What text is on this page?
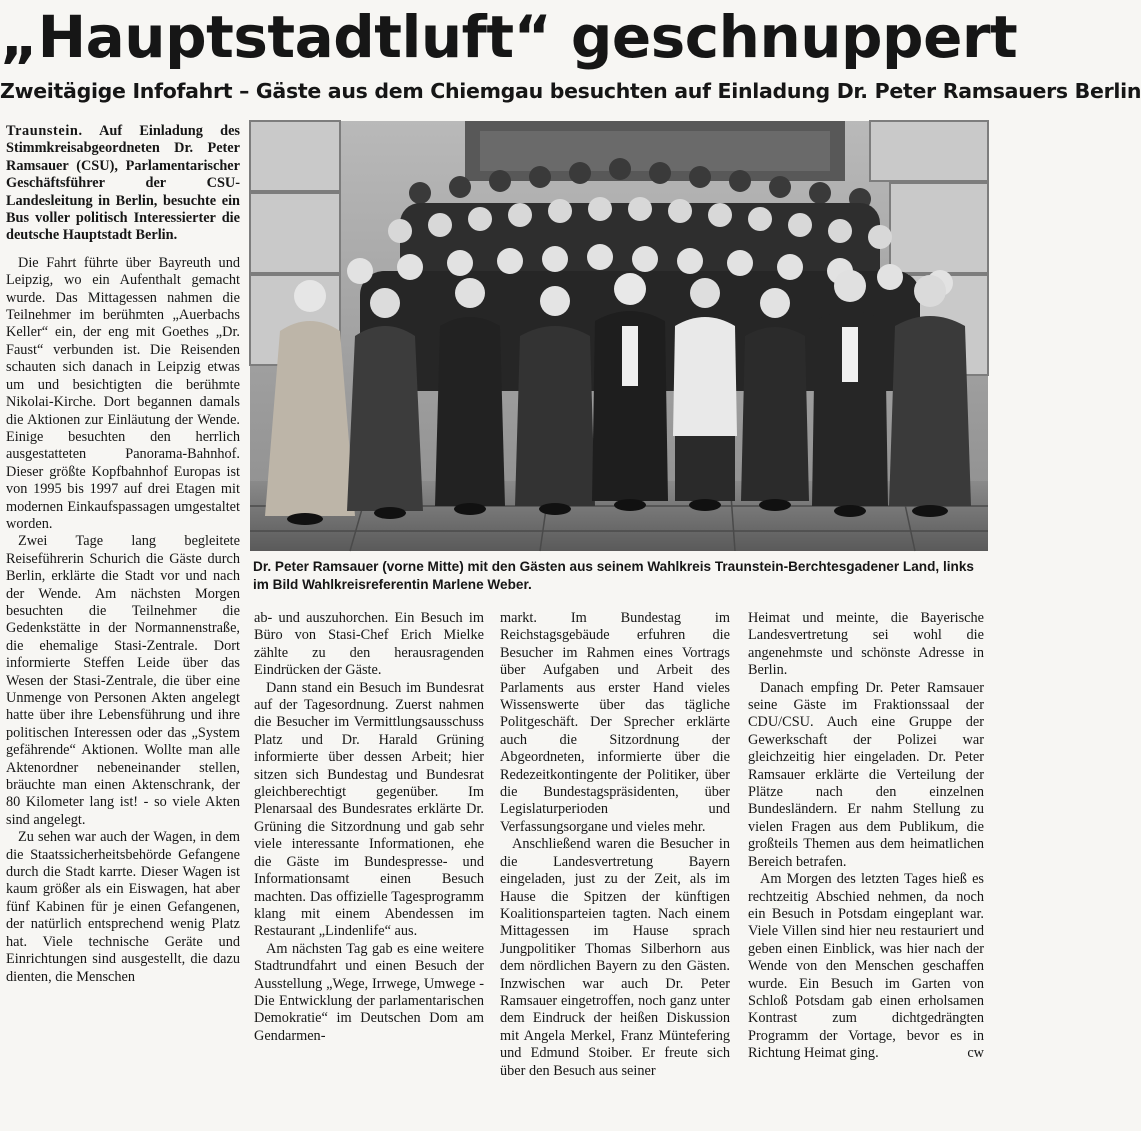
„Hauptstadtluft“ geschnuppert
Zweitägige Infofahrt – Gäste aus dem Chiemgau besuchten auf Einladung Dr. Peter Ramsauers Berlin

Traunstein. Auf Einladung des Stimmkreisabgeordneten Dr. Peter Ramsauer (CSU), Parlamentarischer Geschäftsführer der CSU-Landesleitung in Berlin, besuchte ein Bus voller politisch Interessierter die deutsche Hauptstadt Berlin.

Die Fahrt führte über Bayreuth und Leipzig, wo ein Aufenthalt gemacht wurde. Das Mittagessen nahmen die Teilnehmer im berühmten „Auerbachs Keller“ ein, der eng mit Goethes „Dr. Faust“ verbunden ist. Die Reisenden schauten sich danach in Leipzig etwas um und besichtigten die berühmte Nikolai-Kirche. Dort begannen damals die Aktionen zur Einläutung der Wende. Einige besuchten den herrlich ausgestatteten Panorama-Bahnhof. Dieser größte Kopfbahnhof Europas ist von 1995 bis 1997 auf drei Etagen mit modernen Einkaufspassagen umgestaltet worden.

Zwei Tage lang begleitete Reiseführerin Schurich die Gäste durch Berlin, erklärte die Stadt vor und nach der Wende. Am nächsten Morgen besuchten die Teilnehmer die Gedenkstätte in der Normannenstraße, die ehemalige Stasi-Zentrale. Dort informierte Steffen Leide über das Wesen der Stasi-Zentrale, die über eine Unmenge von Personen Akten angelegt hatte über ihre Lebensführung und ihre politischen Interessen oder das „System gefährende“ Aktionen. Wollte man alle Aktenordner nebeneinander stellen, bräuchte man einen Aktenschrank, der 80 Kilometer lang ist! - so viele Akten sind angelegt.

Zu sehen war auch der Wagen, in dem die Staatssicherheitsbehörde Gefangene durch die Stadt karrte. Dieser Wagen ist kaum größer als ein Eiswagen, hat aber fünf Kabinen für je einen Gefangenen, der natürlich entsprechend wenig Platz hat. Viele technische Geräte und Einrichtungen sind ausgestellt, die dazu dienten, die Menschen

Dr. Peter Ramsauer (vorne Mitte) mit den Gästen aus seinem Wahlkreis Traunstein-Berchtesgadener Land, links im Bild Wahlkreisreferentin Marlene Weber.

ab- und auszuhorchen. Ein Besuch im Büro von Stasi-Chef Erich Mielke zählte zu den herausragenden Eindrücken der Gäste.

Dann stand ein Besuch im Bundesrat auf der Tagesordnung. Zuerst nahmen die Besucher im Vermittlungsausschuss Platz und Dr. Harald Grüning informierte über dessen Arbeit; hier sitzen sich Bundestag und Bundesrat gleichberechtigt gegenüber. Im Plenarsaal des Bundesrates erklärte Dr. Grüning die Sitzordnung und gab sehr viele interessante Informationen, ehe die Gäste im Bundespresse- und Informationsamt einen Besuch machten. Das offizielle Tagesprogramm klang mit einem Abendessen im Restaurant „Lindenlife“ aus.

Am nächsten Tag gab es eine weitere Stadtrundfahrt und einen Besuch der Ausstellung „Wege, Irrwege, Umwege - Die Entwicklung der parlamentarischen Demokratie“ im Deutschen Dom am Gendarmen-

markt. Im Bundestag im Reichstagsgebäude erfuhren die Besucher im Rahmen eines Vortrags über Aufgaben und Arbeit des Parlaments aus erster Hand vieles Wissenswerte über das tägliche Politgeschäft. Der Sprecher erklärte auch die Sitzordnung der Abgeordneten, informierte über die Redezeitkontingente der Politiker, über die Bundestagspräsidenten, über Legislaturperioden und Verfassungsorgane und vieles mehr.

Anschließend waren die Besucher in die Landesvertretung Bayern eingeladen, just zu der Zeit, als im Hause die Spitzen der künftigen Koalitionsparteien tagten. Nach einem Mittagessen im Hause sprach Jungpolitiker Thomas Silberhorn aus dem nördlichen Bayern zu den Gästen. Inzwischen war auch Dr. Peter Ramsauer eingetroffen, noch ganz unter dem Eindruck der heißen Diskussion mit Angela Merkel, Franz Müntefering und Edmund Stoiber. Er freute sich über den Besuch aus seiner

Heimat und meinte, die Bayerische Landesvertretung sei wohl die angenehmste und schönste Adresse in Berlin.

Danach empfing Dr. Peter Ramsauer seine Gäste im Fraktionssaal der CDU/CSU. Auch eine Gruppe der Gewerkschaft der Polizei war gleichzeitig hier eingeladen. Dr. Peter Ramsauer erklärte die Verteilung der Plätze nach den einzelnen Bundesländern. Er nahm Stellung zu vielen Fragen aus dem Publikum, die großteils Themen aus dem heimatlichen Bereich betrafen.

Am Morgen des letzten Tages hieß es rechtzeitig Abschied nehmen, da noch ein Besuch in Potsdam eingeplant war. Viele Villen sind hier neu restauriert und geben einen Einblick, was hier nach der Wende von den Menschen geschaffen wurde. Ein Besuch im Garten von Schloß Potsdam gab einen erholsamen Kontrast zum dichtgedrängten Programm der Vortage, bevor es in Richtung Heimat ging.	cw
